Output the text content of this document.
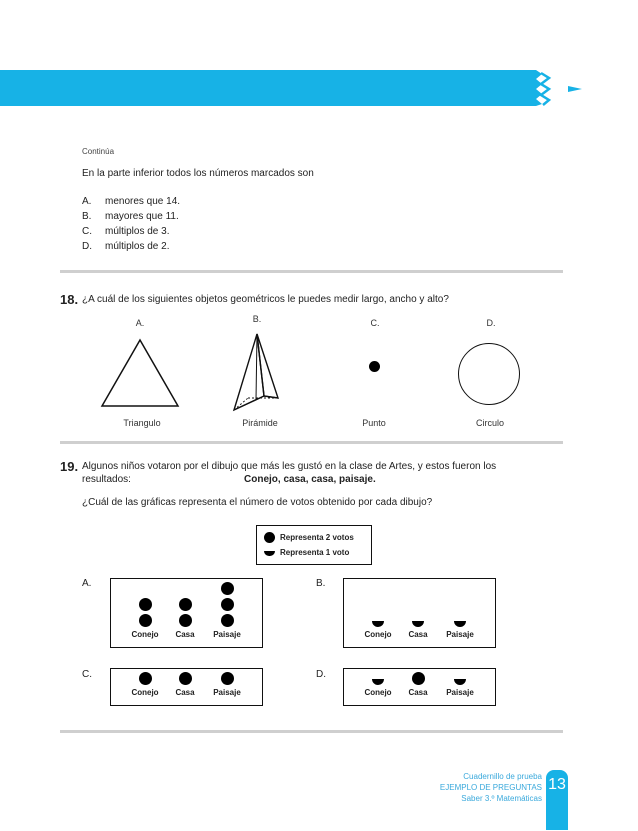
Continúa
En la parte inferior todos los números marcados son
A. menores que 14.
B. mayores que 11.
C. múltiplos de 3.
D. múltiplos de 2.
18. ¿A cuál de los siguientes objetos geométricos le puedes medir largo, ancho y alto?
A.	B.	C.	D.
Triangulo	Pirámide	Punto	Circulo
19. Algunos niños votaron por el dibujo que más les gustó en la clase de Artes, y estos fueron los
resultados:	Conejo, casa, casa, paisaje.
¿Cuál de las gráficas representa el número de votos obtenido por cada dibujo?
Representa 2 votos
Representa 1 voto
A.	B.
C.	D.
Conejo	Casa	Paisaje	Conejo	Casa	Paisaje
Conejo	Casa	Paisaje	Conejo	Casa	Paisaje
Cuadernillo de prueba
EJEMPLO DE PREGUNTAS
Saber 3.º Matemáticas
13
